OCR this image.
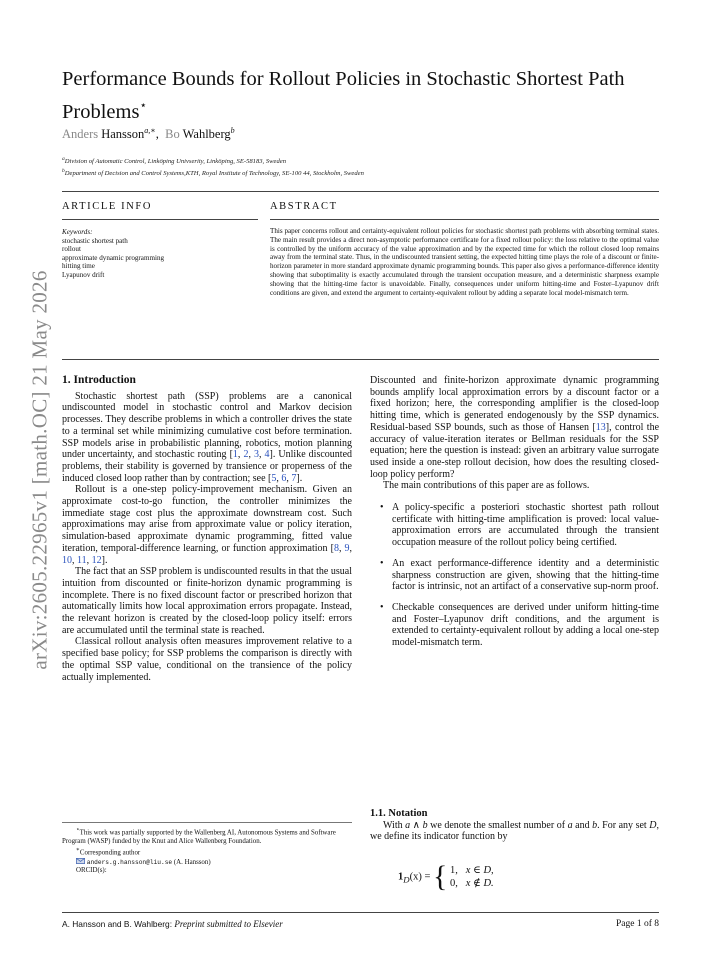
arXiv:2605.22965v1 [math.OC] 21 May 2026
Performance Bounds for Rollout Policies in Stochastic Shortest Path Problems⋆
Anders Hansson$^{a,∗}$,  Bo Wahlberg$^b$
$^a$Division of Automatic Control, Linköping Univserity, Linköping, SE-58183, Sweden
$^b$Department of Decision and Control Systems,KTH, Royal Institute of Technology, SE-100 44, Stockholm, Sweden
ARTICLE INFO	ABSTRACT
Keywords:
stochastic shortest path
rollout
approximate dynamic programming
hitting time
Lyapunov drift
This paper concerns rollout and certainty-equivalent rollout policies for stochastic shortest path problems with absorbing terminal states. The main result provides a direct non-asymptotic performance certificate for a fixed rollout policy: the loss relative to the optimal value is controlled by the uniform accuracy of the value approximation and by the expected time for which the rollout closed loop remains away from the terminal state. Thus, in the undiscounted transient setting, the expected hitting time plays the role of a discount or finite-horizon parameter in more standard approximate dynamic programming bounds. This paper also gives a performance-difference identity showing that suboptimality is exactly accumulated through the transient occupation measure, and a deterministic sharpness example showing that the hitting-time factor is unavoidable. Finally, consequences under uniform hitting-time and Foster–Lyapunov drift conditions are given, and extend the argument to certainty-equivalent rollout by adding a separate local model-mismatch term.
1. Introduction

Stochastic shortest path (SSP) problems are a canonical undiscounted model in stochastic control and Markov decision processes. They describe problems in which a controller drives the state to a terminal set while minimizing cumulative cost before termination. SSP models arise in probabilistic planning, robotics, motion planning under uncertainty, and stochastic routing [1, 2, 3, 4]. Unlike discounted problems, their stability is governed by transience or properness of the induced closed loop rather than by contraction; see [5, 6, 7].

Rollout is a one-step policy-improvement mechanism. Given an approximate cost-to-go function, the controller minimizes the immediate stage cost plus the approximate downstream cost. Such approximations may arise from approximate value or policy iteration, simulation-based approximate dynamic programming, fitted value iteration, temporal-difference learning, or function approximation [8, 9, 10, 11, 12].

The fact that an SSP problem is undiscounted results in that the usual intuition from discounted or finite-horizon dynamic programming is incomplete. There is no fixed discount factor or prescribed horizon that automatically limits how local approximation errors propagate. Instead, the relevant horizon is created by the closed-loop policy itself: errors are accumulated until the terminal state is reached.

Classical rollout analysis often measures improvement relative to a specified base policy; for SSP problems the comparison is directly with the optimal SSP value, conditional on the transience of the policy actually implemented.

⋆This work was partially supported by the Wallenberg AI, Autonomous Systems and Software Program (WASP) funded by the Knut and Alice Wallenberg Foundation.
∗Corresponding author
anders.g.hansson@liu.se (A. Hansson)
ORCID(s):

Discounted and finite-horizon approximate dynamic programming bounds amplify local approximation errors by a discount factor or a fixed horizon; here, the corresponding amplifier is the closed-loop hitting time, which is generated endogenously by the SSP dynamics. Residual-based SSP bounds, such as those of Hansen [13], control the accuracy of value-iteration iterates or Bellman residuals for the SSP equation; here the question is instead: given an arbitrary value surrogate used inside a one-step rollout decision, how does the resulting closed-loop policy perform?

The main contributions of this paper are as follows.

• A policy-specific a posteriori stochastic shortest path rollout certificate with hitting-time amplification is proved: local value-approximation errors are accumulated through the transient occupation measure of the rollout policy being certified.
• An exact performance-difference identity and a deterministic sharpness construction are given, showing that the hitting-time factor is intrinsic, not an artifact of a conservative sup-norm proof.
• Checkable consequences are derived under uniform hitting-time and Foster–Lyapunov drift conditions, and the argument is extended to certainty-equivalent rollout by adding a local one-step model-mismatch term.
1.1. Notation

With a ∧ b we denote the smallest number of a and b. For any set D, we define its indicator function by

$1_D(x)$ = { 1, x ∈ D,
0, x ∉ D.
A. Hansson and B. Wahlberg: Preprint submitted to Elsevier	Page 1 of 8
